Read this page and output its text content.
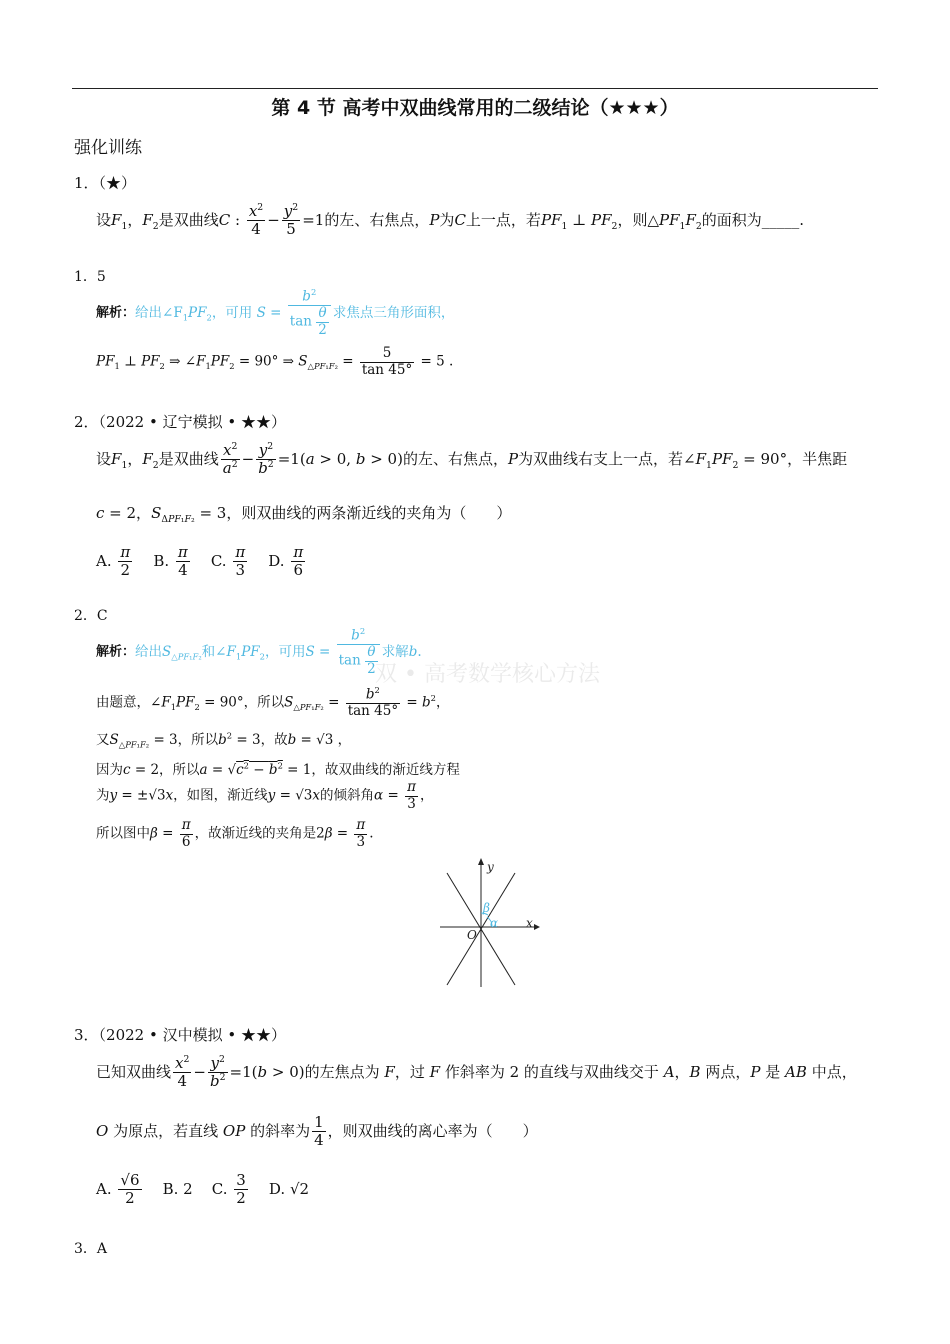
第 4 节 高考中双曲线常用的二级结论（★★★）
强化训练
双 • 高考数学核心方法
1．（★）
设$F_1$，$F_2$是双曲线C : $\frac{x^2}{4} - \frac{y^2}{5} =1$的左、右焦点，P为C上一点，若$PF_1$ ⊥ $PF_2$，则$\triangle PF_1F_2$的面积为_____.
1．5
解析：给出$\angle F_1PF_2$，可用 $S = \frac{b^2}{\tan \frac{\theta}{2}}$ 求焦点三角形面积，
$PF_1$ ⊥ $PF_2$ ⇒ $\angle F_1PF_2 = 90^\circ$ ⇒ $S_{\triangle PF_1F_2} = \frac{5}{\tan 45^\circ} = 5$ .
2．（2022 • 辽宁模拟 • ★★）
设$F_1$，$F_2$是双曲线 $\frac{x^2}{a^2} - \frac{y^2}{b^2} =1(a > 0$, b > 0)的左、右焦点，P为双曲线右支上一点，若$\angle F_1PF_2 = 90^\circ$，半焦距
c = 2，$S_{\Delta PF_1F_2} = 3$，则双曲线的两条渐近线的夹角为（　　）
A. $\frac{\pi}{2} B$. $\frac{\pi}{4} C$. $\frac{\pi}{3} D$. $\frac{\pi}{6}$
2．C
解析：给出$S_{\triangle PF_1F_2}$和$\angle F_1PF_2$，可用$S = \frac{b^2}{\tan \frac{\theta}{2}}$ 求解b.
由题意，$\angle F_1PF_2 = 90^\circ$，所以$S_{\triangle PF_1F_2} = \frac{b^2}{\tan 45^\circ} = b^2$，
又$S_{\triangle PF_1F_2} = 3$，所以$b^2 = 3$，故b = √3 ，
因为c = 2，所以$a = √c^2 - b^2 = 1$，故双曲线的渐近线方程
为y = ±√3x，如图，渐近线y = √3x的倾斜角$\alpha = \frac{\pi}{3}$ ，
所以图中$\beta = \frac{\pi}{6}$ ，故渐近线的夹角是$2\beta = \frac{\pi}{3}$ .
α
β
x
y
O
3．（2022 • 汉中模拟 • ★★）
已知双曲线 $\frac{x^2}{4} - \frac{y^2}{b^2} =1(b > 0)$的左焦点为 F，过 F 作斜率为 2 的直线与双曲线交于 A，B 两点，P 是 AB 中点，
O 为原点，若直线 OP 的斜率为 $\frac{1}{4}$ ，则双曲线的离心率为（　　）
A. $\frac{√6}{2} B$. 2 C. $\frac{3}{2} D$. √2
3．A
